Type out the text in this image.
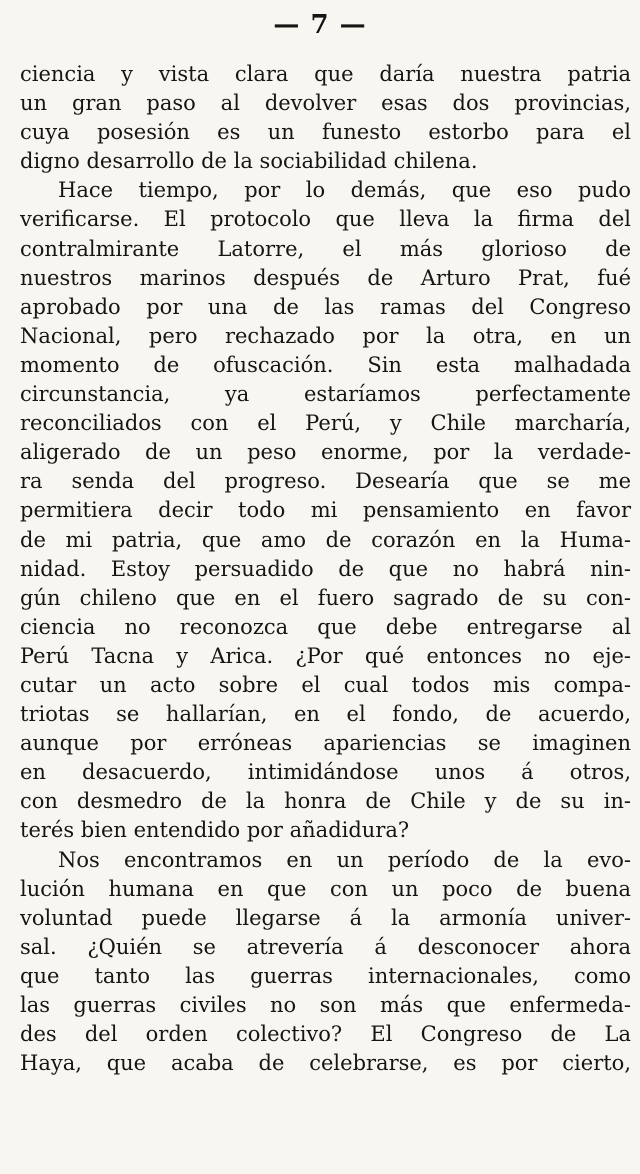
— 7 —
ciencia y vista clara que daría nuestra patria
un gran paso al devolver esas dos provincias,
cuya posesión es un funesto estorbo para el
digno desarrollo de la sociabilidad chilena.
Hace tiempo, por lo demás, que eso pudo
verificarse. El protocolo que lleva la firma del
contralmirante Latorre, el más glorioso de
nuestros marinos después de Arturo Prat, fué
aprobado por una de las ramas del Congreso
Nacional, pero rechazado por la otra, en un
momento de ofuscación. Sin esta malhadada
circunstancia, ya estaríamos perfectamente
reconciliados con el Perú, y Chile marcharía,
aligerado de un peso enorme, por la verdade-
ra senda del progreso. Desearía que se me
permitiera decir todo mi pensamiento en favor
de mi patria, que amo de corazón en la Huma-
nidad. Estoy persuadido de que no habrá nin-
gún chileno que en el fuero sagrado de su con-
ciencia no reconozca que debe entregarse al
Perú Tacna y Arica. ¿Por qué entonces no eje-
cutar un acto sobre el cual todos mis compa-
triotas se hallarían, en el fondo, de acuerdo,
aunque por erróneas apariencias se imaginen
en desacuerdo, intimidándose unos á otros,
con desmedro de la honra de Chile y de su in-
terés bien entendido por añadidura?
Nos encontramos en un período de la evo-
lución humana en que con un poco de buena
voluntad puede llegarse á la armonía univer-
sal. ¿Quién se atrevería á desconocer ahora
que tanto las guerras internacionales, como
las guerras civiles no son más que enfermeda-
des del orden colectivo? El Congreso de La
Haya, que acaba de celebrarse, es por cierto,
